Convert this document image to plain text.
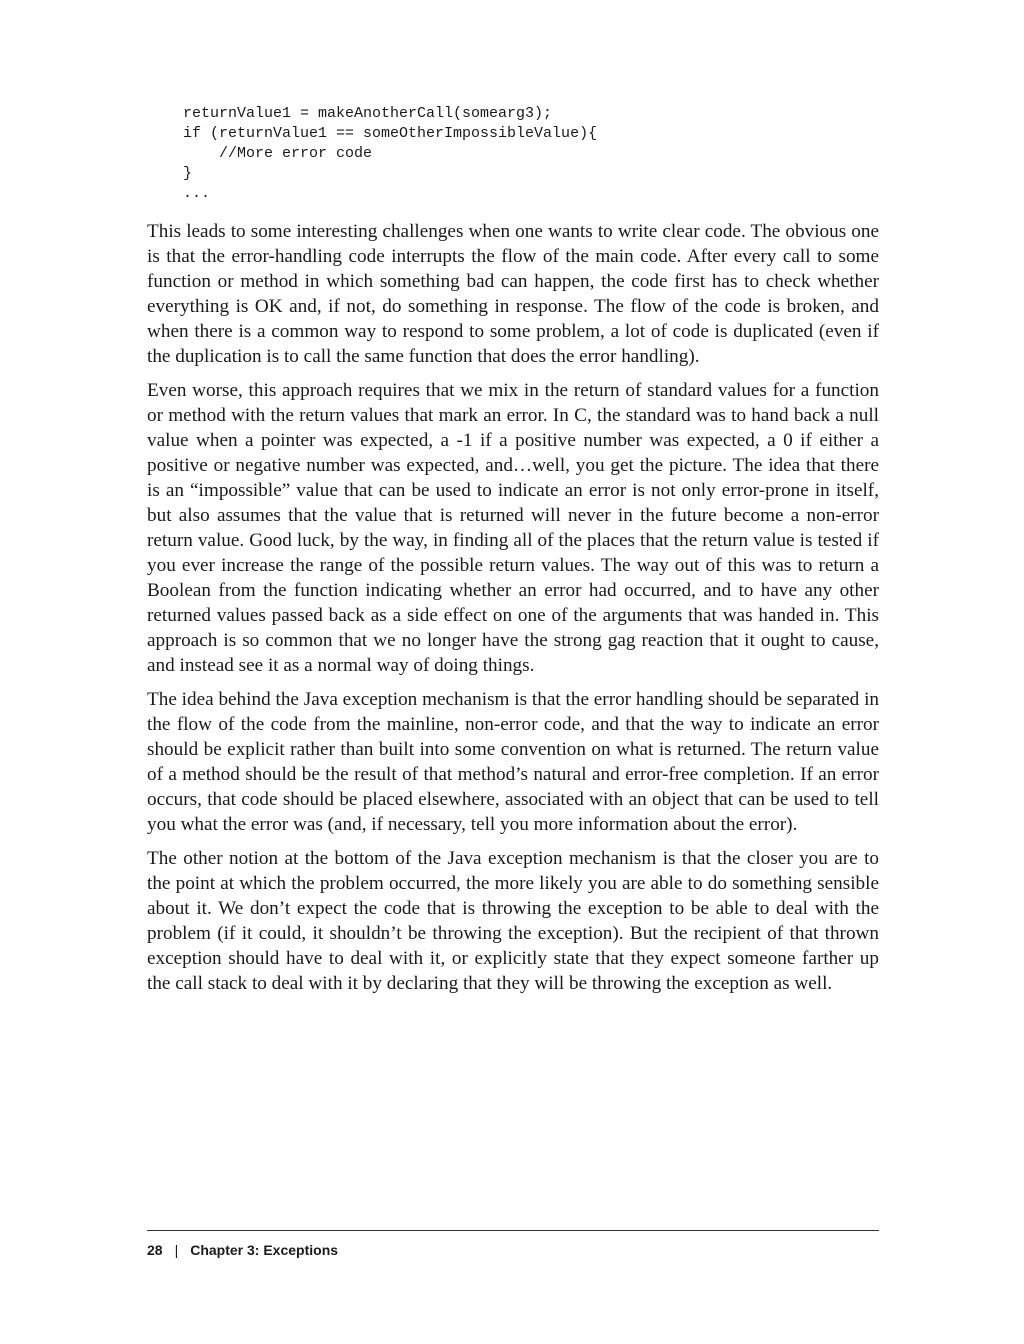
returnValue1 = makeAnotherCall(somearg3);
if (returnValue1 == someOtherImpossibleValue){
//More error code
}
...

This leads to some interesting challenges when one wants to write clear code. The obvious one is that the error-handling code interrupts the flow of the main code. After every call to some function or method in which something bad can happen, the code first has to check whether everything is OK and, if not, do something in response. The flow of the code is broken, and when there is a common way to respond to some problem, a lot of code is duplicated (even if the duplication is to call the same function that does the error handling).

Even worse, this approach requires that we mix in the return of standard values for a function or method with the return values that mark an error. In C, the standard was to hand back a null value when a pointer was expected, a -1 if a positive number was expected, a 0 if either a positive or negative number was expected, and…well, you get the picture. The idea that there is an “impossible” value that can be used to indicate an error is not only error-prone in itself, but also assumes that the value that is returned will never in the future become a non-error return value. Good luck, by the way, in finding all of the places that the return value is tested if you ever increase the range of the possible return values. The way out of this was to return a Boolean from the function indicating whether an error had occurred, and to have any other returned values passed back as a side effect on one of the arguments that was handed in. This approach is so common that we no longer have the strong gag reaction that it ought to cause, and instead see it as a normal way of doing things.

The idea behind the Java exception mechanism is that the error handling should be separated in the flow of the code from the mainline, non-error code, and that the way to indicate an error should be explicit rather than built into some convention on what is returned. The return value of a method should be the result of that method’s natural and error-free completion. If an error occurs, that code should be placed elsewhere, associated with an object that can be used to tell you what the error was (and, if necessary, tell you more information about the error).

The other notion at the bottom of the Java exception mechanism is that the closer you are to the point at which the problem occurred, the more likely you are able to do something sensible about it. We don’t expect the code that is throwing the exception to be able to deal with the problem (if it could, it shouldn’t be throwing the exception). But the recipient of that thrown exception should have to deal with it, or explicitly state that they expect someone farther up the call stack to deal with it by declaring that they will be throwing the exception as well.

28 | Chapter 3: Exceptions
